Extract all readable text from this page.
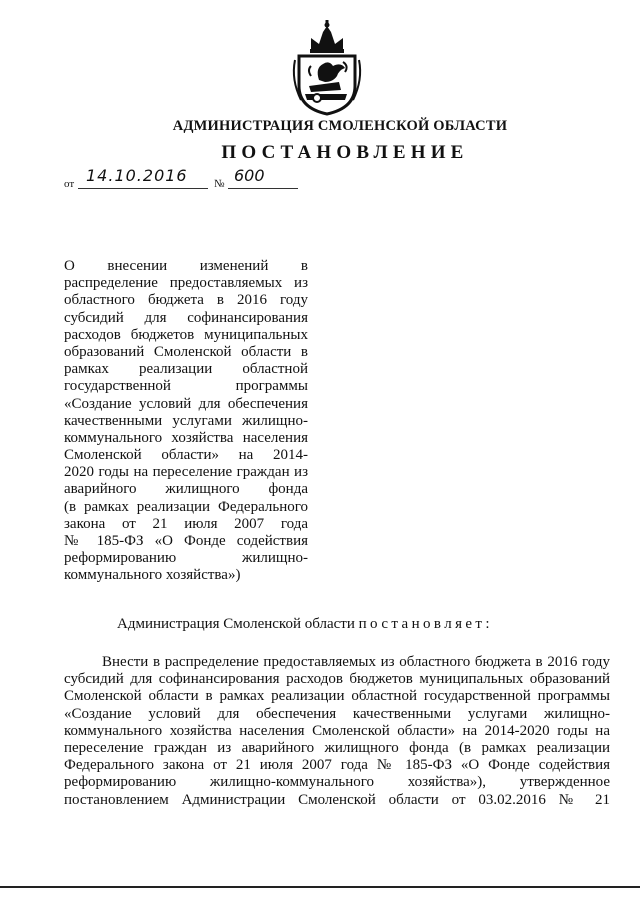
АДМИНИСТРАЦИЯ СМОЛЕНСКОЙ ОБЛАСТИ
ПОСТАНОВЛЕНИЕ
от 14.10.2016 № 600
О внесении изменений в
распределение предоставляемых из
областного бюджета в 2016 году
субсидий для софинансирования
расходов бюджетов муниципальных
образований Смоленской области в
рамках реализации областной
государственной программы
«Создание условий для обеспечения
качественными услугами жилищно-
коммунального хозяйства населения
Смоленской области» на 2014-
2020 годы на переселение граждан из
аварийного жилищного фонда
(в рамках реализации Федерального
закона от 21 июля 2007 года
№ 185-ФЗ «О Фонде содействия
реформированию жилищно-
коммунального хозяйства»)
Администрация Смоленской области постановляет:
Внести в распределение предоставляемых из областного бюджета в 2016 году
субсидий для софинансирования расходов бюджетов муниципальных образований
Смоленской области в рамках реализации областной государственной программы
«Создание условий для обеспечения качественными услугами жилищно-
коммунального хозяйства населения Смоленской области» на 2014-2020 годы на
переселение граждан из аварийного жилищного фонда (в рамках реализации
Федерального закона от 21 июля 2007 года № 185-ФЗ «О Фонде содействия
реформированию жилищно-коммунального хозяйства»), утвержденное
постановлением Администрации Смоленской области от 03.02.2016 № 21
